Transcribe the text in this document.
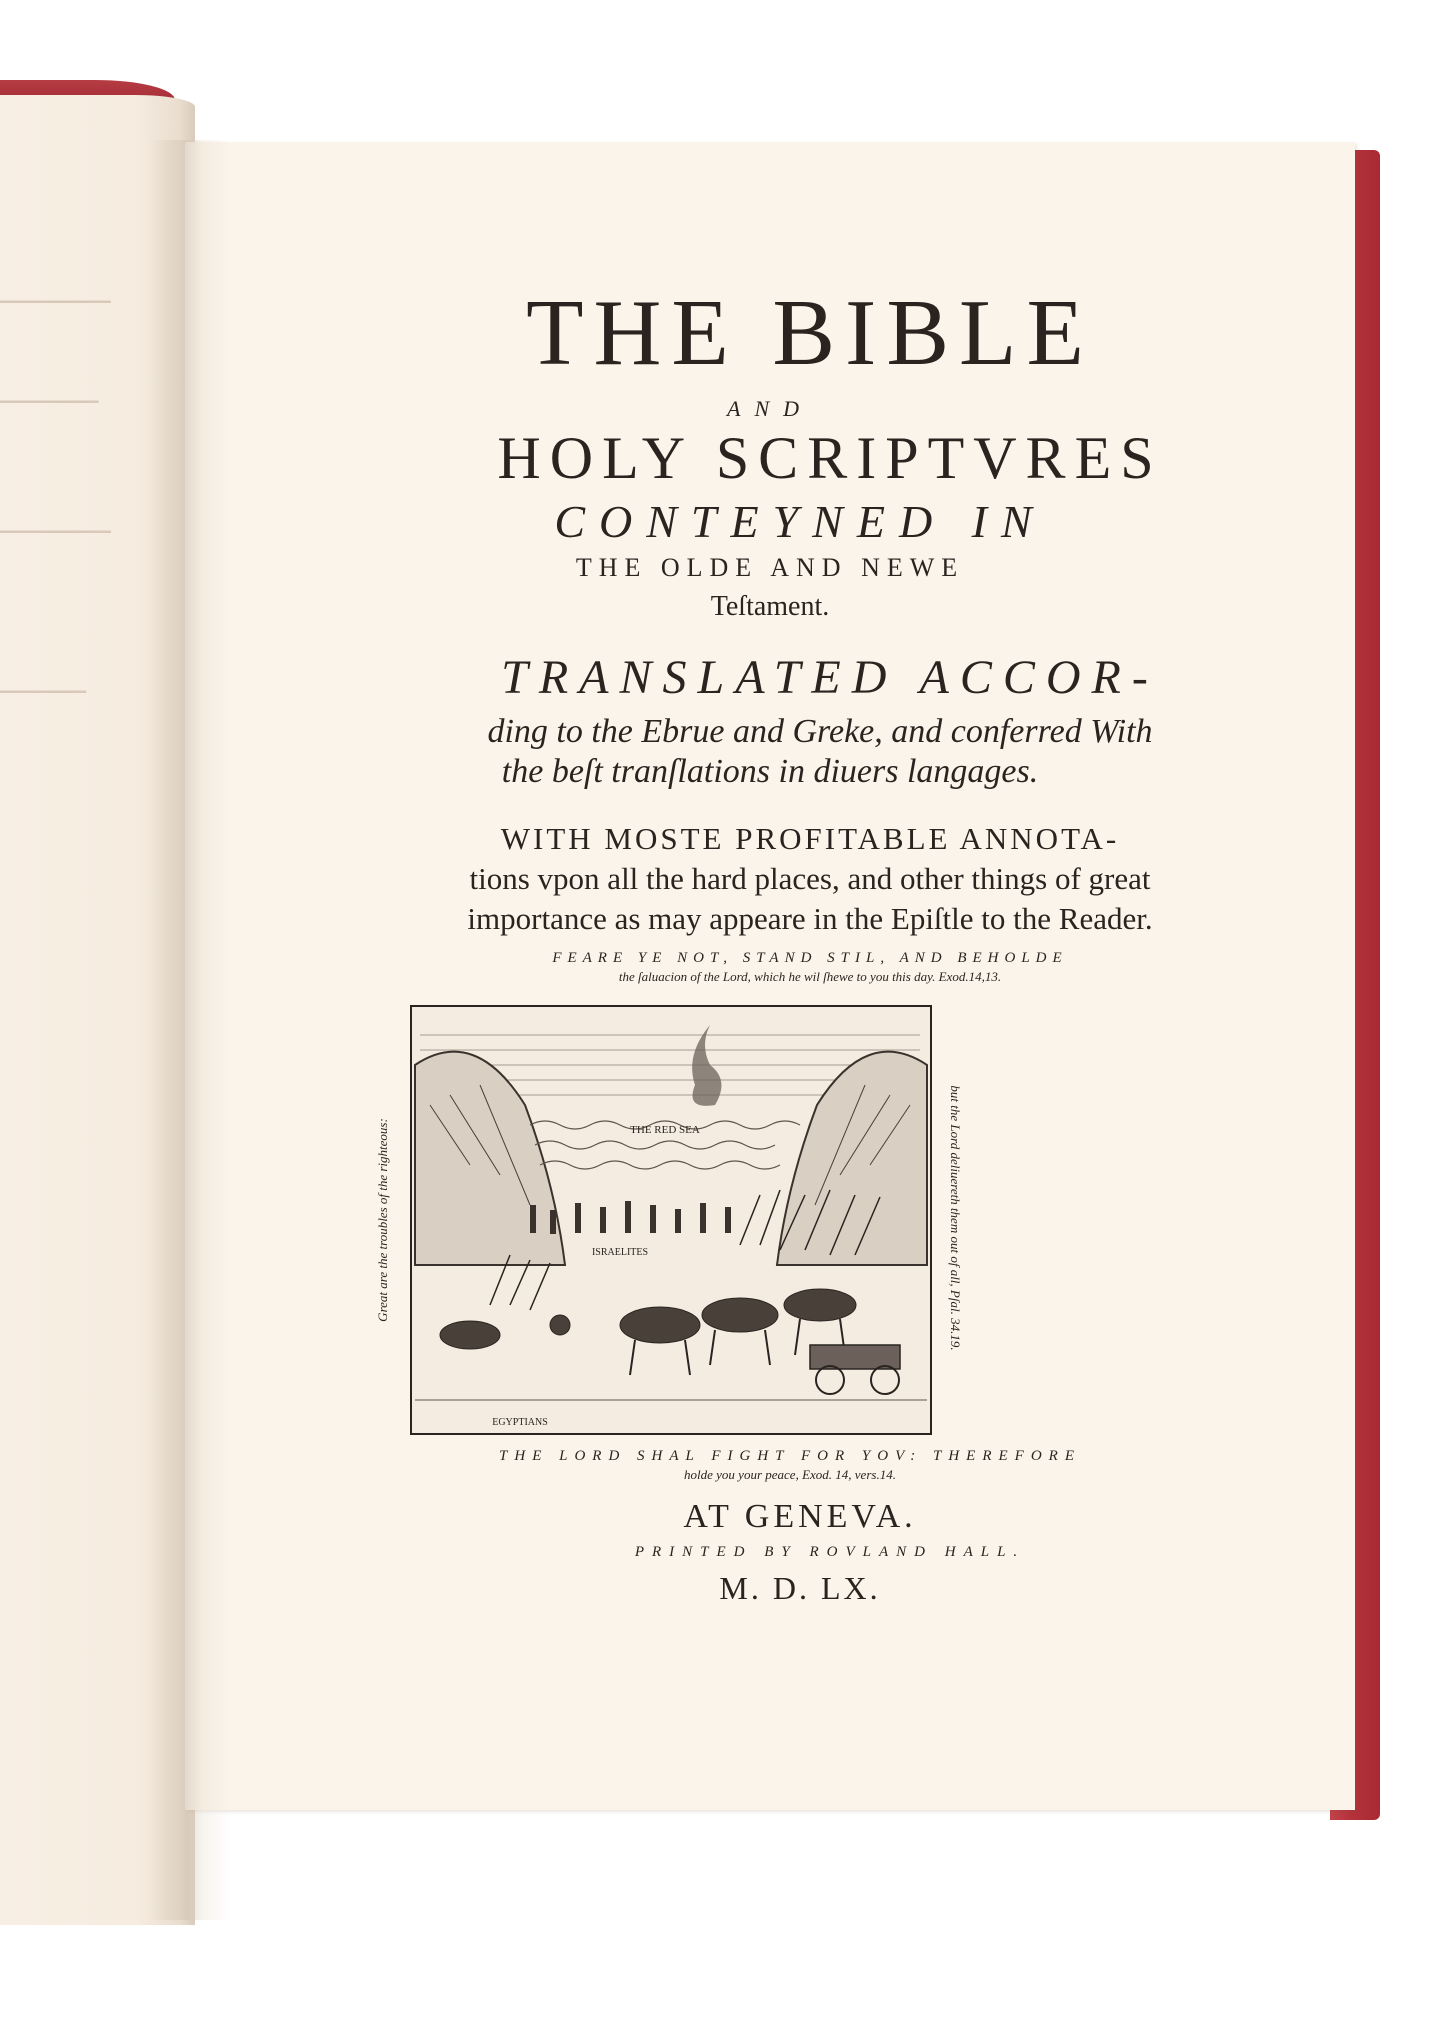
▁▁▁▁▁▁▁▁▁
▁▁▁▁▁▁▁▁
▁▁▁▁▁▁▁▁▁
▁▁▁▁▁▁▁
THE BIBLE
AND
HOLY SCRIPTVRES
CONTEYNED IN
THE OLDE AND NEWE
Teſtament.
TRANSLATED ACCOR-
ding to the Ebrue and Greke, and conferred With
the beſt tranſlations in diuers langages.
WITH MOSTE PROFITABLE ANNOTA-
tions vpon all the hard places, and other things of great
importance as may appeare in the Epiſtle to the Reader.
FEARE YE NOT, STAND STIL, AND BEHOLDE
the ſaluacion of the Lord, which he wil ſhewe to you this day. Exod.14,13.
THE RED SEA
ISRAELITES
EGYPTIANS
Great are the troubles of the righteous:	but the Lord deliuereth them out of all, Pſal. 34.19.
THE LORD SHAL FIGHT FOR YOV: THEREFORE
holde you your peace, Exod. 14, vers.14.
AT GENEVA.
PRINTED BY ROVLAND HALL.
M. D. LX.
